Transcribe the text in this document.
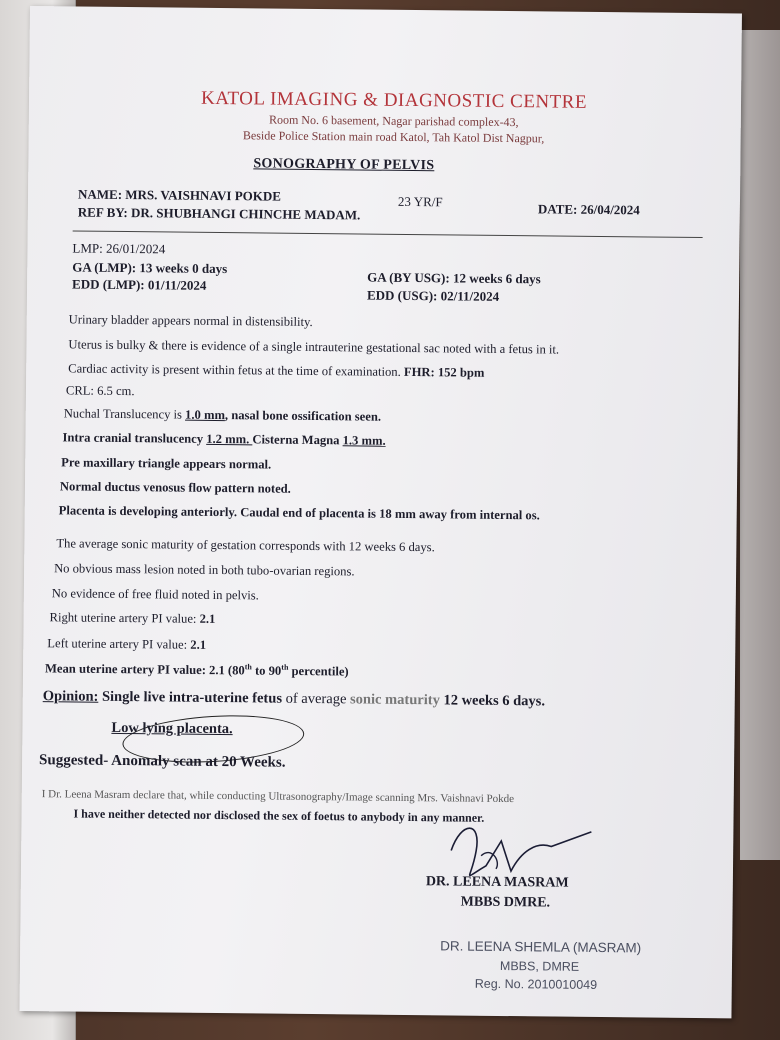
KATOL IMAGING & DIAGNOSTIC CENTRE
Room No. 6 basement, Nagar parishad complex-43,
Beside Police Station main road Katol, Tah Katol Dist Nagpur,
SONOGRAPHY OF PELVIS
NAME: MRS. VAISHNAVI POKDE	23 YR/F	DATE: 26/04/2024
REF BY: DR. SHUBHANGI CHINCHE MADAM.
LMP: 26/01/2024
GA (LMP): 13 weeks 0 days
EDD (LMP): 01/11/2024	GA (BY USG): 12 weeks 6 days
EDD (USG): 02/11/2024
Urinary bladder appears normal in distensibility.
Uterus is bulky & there is evidence of a single intrauterine gestational sac noted with a fetus in it.
Cardiac activity is present within fetus at the time of examination. FHR: 152 bpm
CRL: 6.5 cm.
Nuchal Translucency is 1.0 mm, nasal bone ossification seen.
Intra cranial translucency 1.2 mm. Cisterna Magna 1.3 mm.
Pre maxillary triangle appears normal.
Normal ductus venosus flow pattern noted.
Placenta is developing anteriorly. Caudal end of placenta is 18 mm away from internal os.
The average sonic maturity of gestation corresponds with 12 weeks 6 days.
No obvious mass lesion noted in both tubo-ovarian regions.
No evidence of free fluid noted in pelvis.
Right uterine artery PI value: 2.1
Left uterine artery PI value: 2.1
Mean uterine artery PI value: 2.1 (80th to 90th percentile)
Opinion: Single live intra-uterine fetus of average sonic maturity 12 weeks 6 days.
Low lying placenta.
Suggested- Anomaly scan at 20 Weeks.
I Dr. Leena Masram declare that, while conducting Ultrasonography/Image scanning Mrs. Vaishnavi Pokde
I have neither detected nor disclosed the sex of foetus to anybody in any manner.
DR. LEENA MASRAM
MBBS DMRE.
DR. LEENA SHEMLA (MASRAM)
MBBS, DMRE
Reg. No. 2010010049
